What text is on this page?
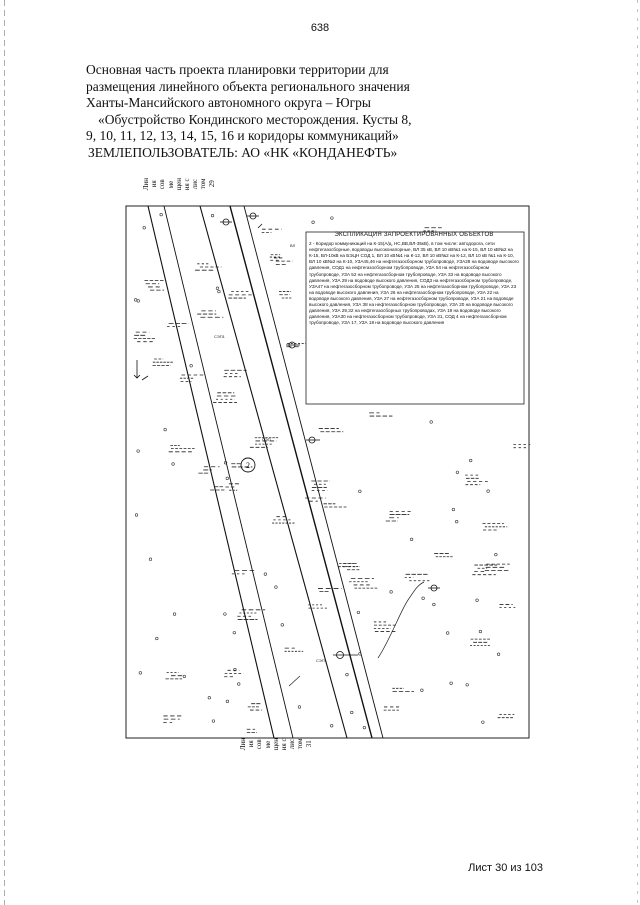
638
Основная часть проекта планировки территории для
размещения линейного объекта регионального значения
Ханты-Мансийского автономного округа – Югры
«Обустройство Кондинского месторождения. Кусты 8,
9, 10, 11, 12, 13, 14, 15, 16 и коридоры коммуникаций»
ЗЕМЛЕПОЛЬЗОВАТЕЛЬ: АО «НК «КОНДАНЕФТЬ»
Лин ия сов ме щен ия с лис том 29
Лин ия сов ме щен ия с лис том 31
2
СЭП1
ВЛ
СЭП
СЭП1
ЭКСПЛИКАЦИЯ ЗАПРОЕКТИРОВАННЫХ ОБЪЕКТОВ
2 - Коридор коммуникаций на К-15(А/д, НС,ВВ,ВЛ-35кВ), в том числе: автодорога, сети нефтегазосборные, водоводы высоконапорные, ВЛ 35 кВ, ВЛ 10 кВ№1 на К-15, ВЛ 10 кВ№2 на К-15, ВЛ-10кВ на БЭЦН СОД 1, ВЛ 10 кВ№1 на К-12, ВЛ 10 кВ№2 на К-12, ВЛ 10 кВ №1 на К-10, ВЛ 10 кВ№2 на К-10, УЗА45,46 на нефтегазосборном трубопроводе, УЗА28 на водоводе высокого давления, СОД1 на нефтегазосборном трубопроводе, УЗА 54 на нефтегазосборном трубопроводе, УЗА 52 на нефтегазосборном трубопроводе, УЗА 33 на водоводе высокого давления, УЗА 29 на водоводе высокого давления, СОД3 на нефтегазосборном трубопроводе, УЗА47 на нефтегазосборном трубопроводе, УЗА 25 на нефтегазосборном трубопроводе, УЗА 23 на водоводе высокого давления, УЗА 26 на нефтегазосборном трубопроводе, УЗА 22 на водоводе высокого давления, УЗА 27 на нефтегазосборном трубопроводе, УЗА 21 на водоводе высокого давления, УЗА 38 на нефтегазосборном трубопроводе, УЗА 20 на водоводе высокого давления, УЗА 29,32 на нефтегазосборных трубопроводах, УЗА 19 на водоводе высокого давления, УЗА30 на нефтегазосборном трубопроводе, УЗА 31, СОД 4 на нефтегазосборном трубопроводе, УЗА 17, УЗА 18 на водоводе высокого давления
Лист 30 из 103
